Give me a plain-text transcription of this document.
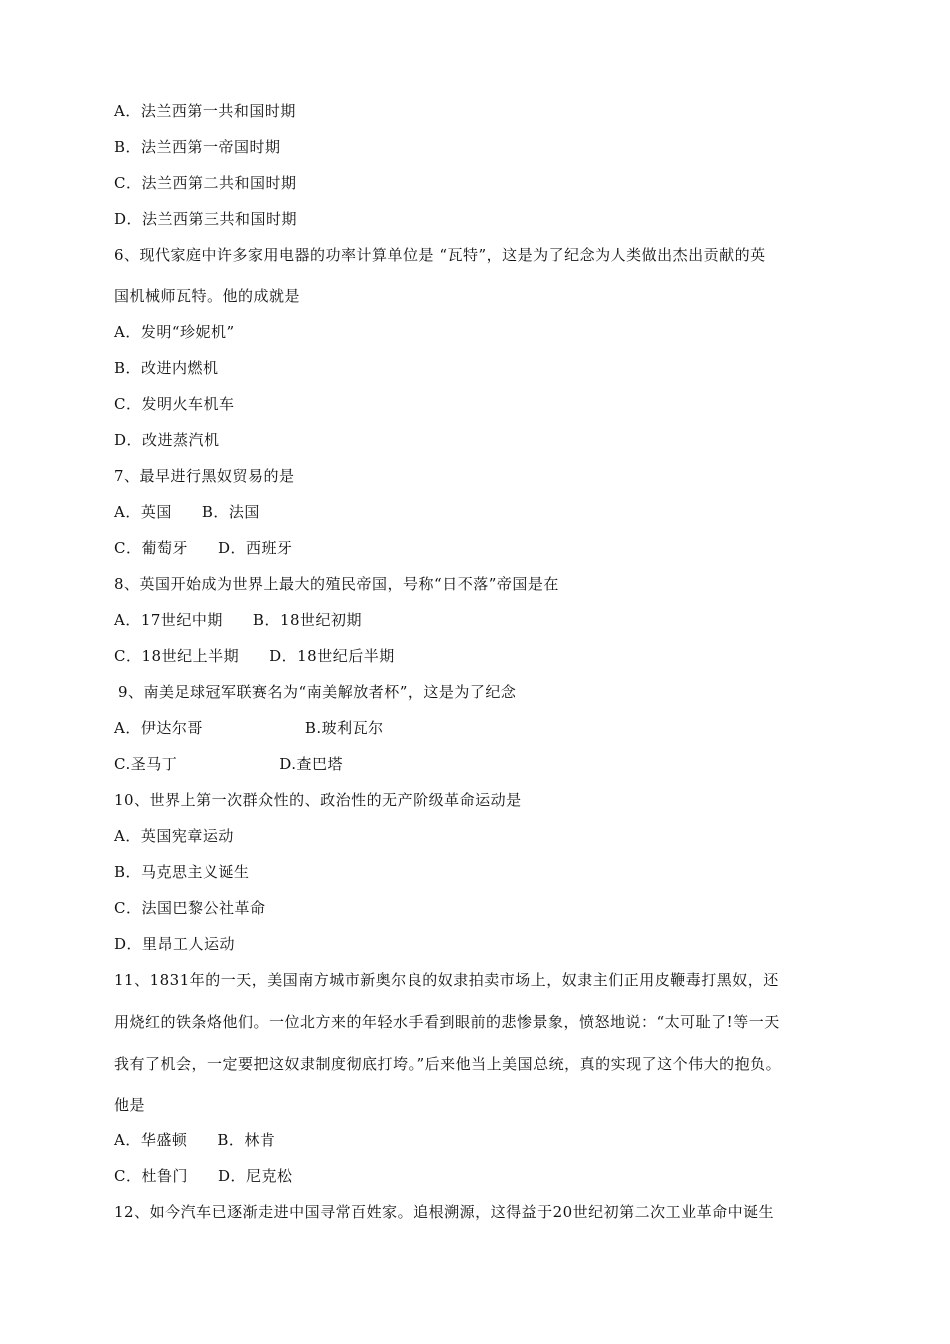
A．法兰西第一共和国时期
B．法兰西第一帝国时期
C．法兰西第二共和国时期
D．法兰西第三共和国时期
6、现代家庭中许多家用电器的功率计算单位是 “瓦特”，这是为了纪念为人类做出杰出贡献的英
国机械师瓦特。他的成就是
A．发明“珍妮机”
B．改进内燃机
C．发明火车机车
D．改进蒸汽机
7、最早进行黑奴贸易的是
A．英国 B．法国
C．葡萄牙 D．西班牙
8、英国开始成为世界上最大的殖民帝国，号称“日不落”帝国是在
A．17世纪中期 B．18世纪初期
C．18世纪上半期 D．18世纪后半期
9、南美足球冠军联赛名为“南美解放者杯”，这是为了纪念
A．伊达尔哥	B.玻利瓦尔
C.圣马丁	D.查巴塔
10、世界上第一次群众性的、政治性的无产阶级革命运动是
A．英国宪章运动
B．马克思主义诞生
C．法国巴黎公社革命
D．里昂工人运动
11、1831年的一天，美国南方城市新奥尔良的奴隶拍卖市场上，奴隶主们正用皮鞭毒打黑奴，还
用烧红的铁条烙他们。一位北方来的年轻水手看到眼前的悲惨景象，愤怒地说：“太可耻了!等一天
我有了机会，一定要把这奴隶制度彻底打垮。”后来他当上美国总统，真的实现了这个伟大的抱负。
他是
A．华盛顿 B．林肯
C．杜鲁门 D．尼克松
12、如今汽车已逐渐走进中国寻常百姓家。追根溯源，这得益于20世纪初第二次工业革命中诞生
